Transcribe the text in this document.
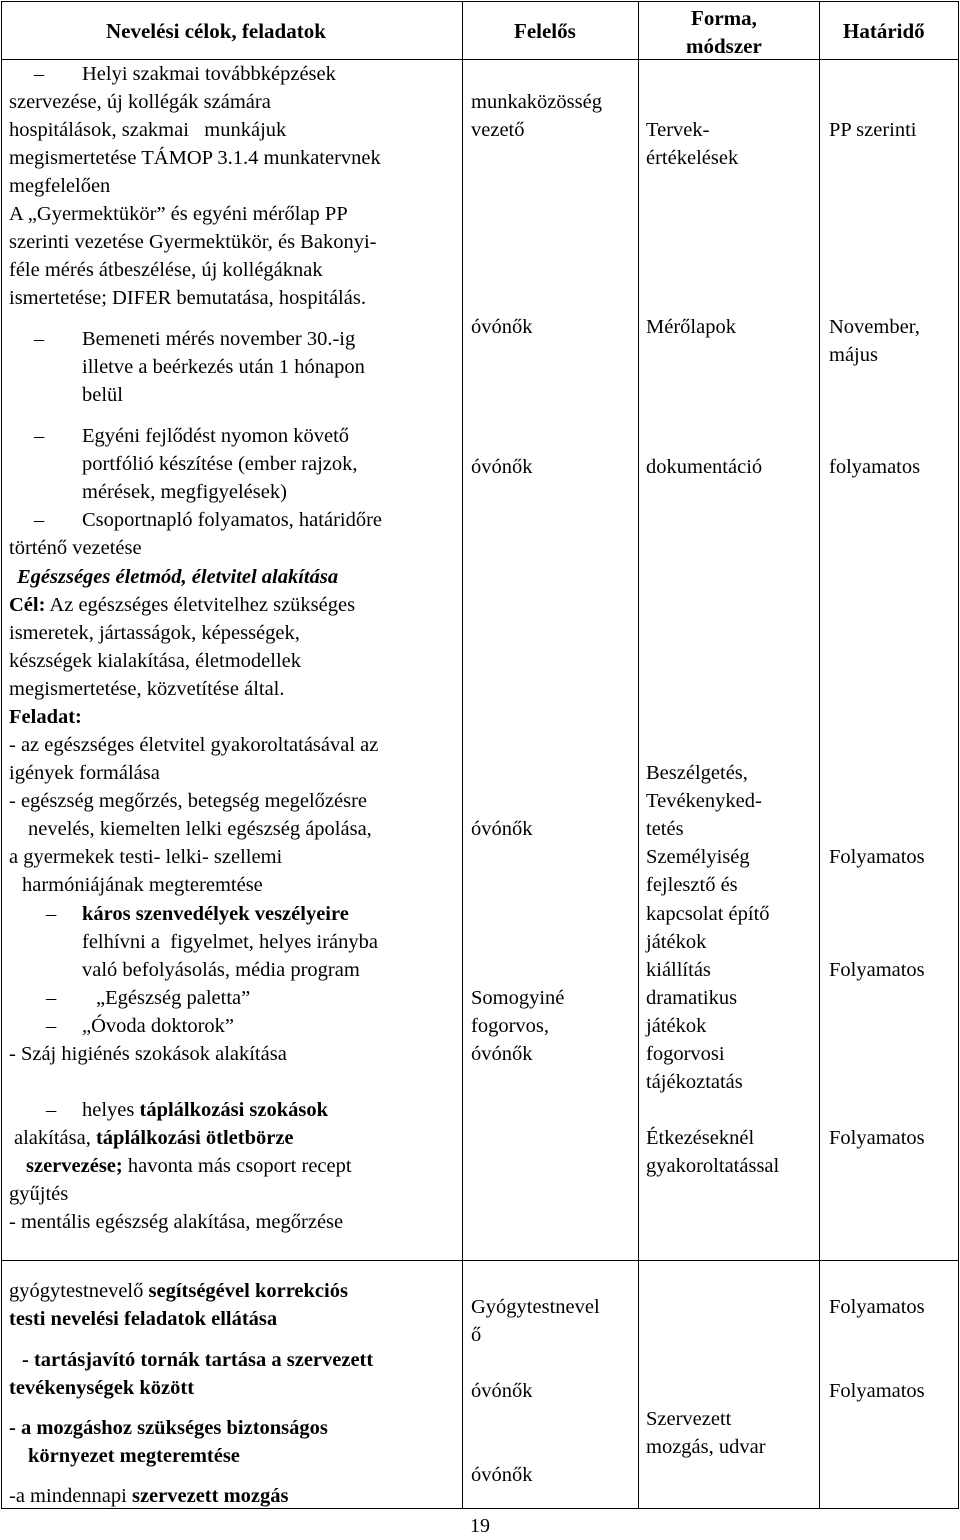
Nevelési célok, feladatok	Felelős
Forma,
módszer
Határidő
– Helyi szakmai továbbképzések
szervezése, új kollégák számára
hospitálások, szakmai   munkájuk
megismertetése TÁMOP 3.1.4 munkatervnek
megfelelően
A „Gyermektükör” és egyéni mérőlap PP
szerinti vezetése Gyermektükör, és Bakonyi-
féle mérés átbeszélése, új kollégáknak
ismertetése; DIFER bemutatása, hospitálás.
– Bemeneti mérés november 30.-ig
illetve a beérkezés után 1 hónapon
belül
– Egyéni fejlődést nyomon követő
portfólió készítése (ember rajzok,
mérések, megfigyelések)
– Csoportnapló folyamatos, határidőre
történő vezetése
Egészséges életmód, életvitel alakítása
Cél: Az egészséges életvitelhez szükséges
ismeretek, jártasságok, képességek,
készségek kialakítása, életmodellek
megismertetése, közvetítése által.
Feladat:
- az egészséges életvitel gyakoroltatásával az
igények formálása
- egészség megőrzés, betegség megelőzésre
nevelés, kiemelten lelki egészség ápolása,
a gyermekek testi- lelki- szellemi
harmóniájának megteremtése
– káros szenvedélyek veszélyeire
felhívni a  figyelmet, helyes irányba
való befolyásolás, média program
– „Egészség paletta”
– „Óvoda doktorok”
- Száj higiénés szokások alakítása
– helyes táplálkozási szokások
alakítása, táplálkozási ötletbörze
szervezése; havonta más csoport recept
gyűjtés
- mentális egészség alakítása, megőrzése
gyógytestnevelő segítségével korrekciós
testi nevelési feladatok ellátása
- tartásjavító tornák tartása a szervezett
tevékenységek között
- a mozgáshoz szükséges biztonságos
környezet megteremtése
-a mindennapi szervezett mozgás
munkaközösség
vezető
óvónők
óvónők
óvónők
Somogyiné
fogorvos,
óvónők
Gyógytestnevel
ő
óvónők
óvónők
Tervek-
értékelések
Mérőlapok
dokumentáció
Beszélgetés,
Tevékenyked-
tetés
Személyiség
fejlesztő és
kapcsolat építő
játékok
kiállítás
dramatikus
játékok
fogorvosi
tájékoztatás
Étkezéseknél
gyakoroltatással
Szervezett
mozgás, udvar
PP szerinti
November,
május
folyamatos
Folyamatos
Folyamatos
Folyamatos
Folyamatos
Folyamatos
19
